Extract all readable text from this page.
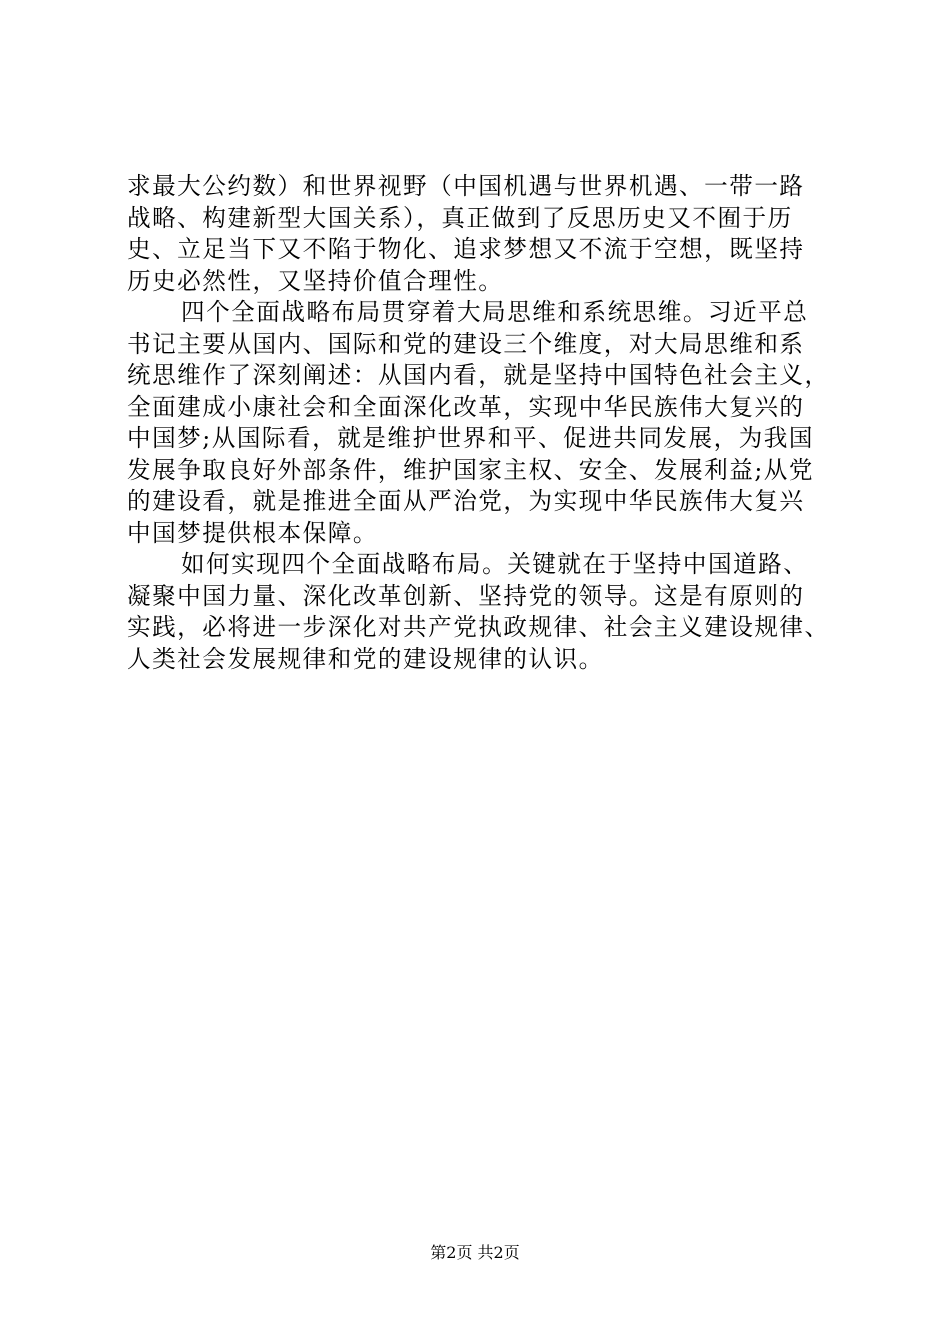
求最大公约数）和世界视野（中国机遇与世界机遇、一带一路
战略、构建新型大国关系），真正做到了反思历史又不囿于历
史、立足当下又不陷于物化、追求梦想又不流于空想，既坚持
历史必然性，又坚持价值合理性。
四个全面战略布局贯穿着大局思维和系统思维。习近平总
书记主要从国内、国际和党的建设三个维度，对大局思维和系
统思维作了深刻阐述：从国内看，就是坚持中国特色社会主义，
全面建成小康社会和全面深化改革，实现中华民族伟大复兴的
中国梦;从国际看，就是维护世界和平、促进共同发展，为我国
发展争取良好外部条件，维护国家主权、安全、发展利益;从党
的建设看，就是推进全面从严治党，为实现中华民族伟大复兴
中国梦提供根本保障。
如何实现四个全面战略布局。关键就在于坚持中国道路、
凝聚中国力量、深化改革创新、坚持党的领导。这是有原则的
实践，必将进一步深化对共产党执政规律、社会主义建设规律、
人类社会发展规律和党的建设规律的认识。
第2页 共2页
